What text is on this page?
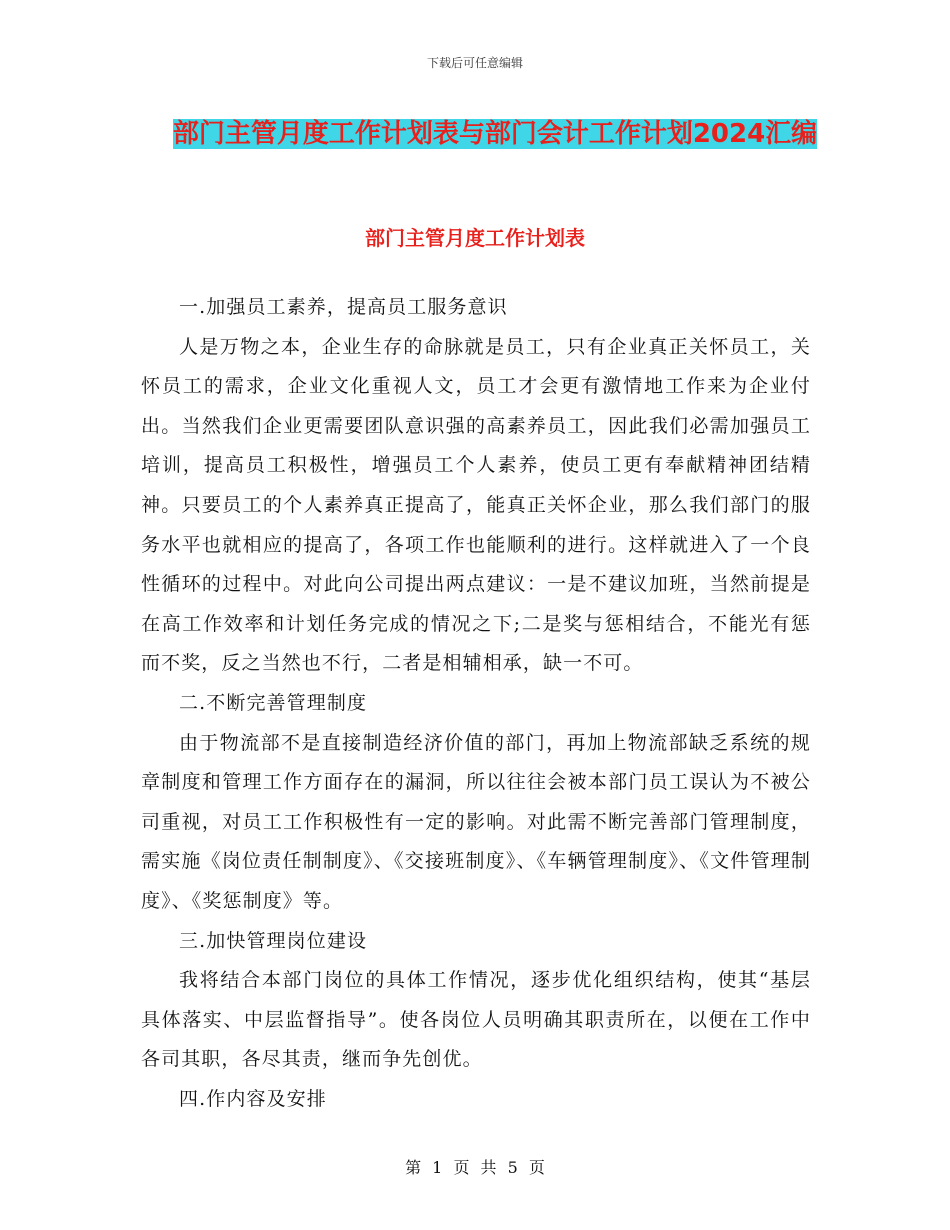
下载后可任意编辑
部门主管月度工作计划表与部门会计工作计划2024汇编
部门主管月度工作计划表

一.加强员工素养，提高员工服务意识

人是万物之本，企业生存的命脉就是员工，只有企业真正关怀员工，关怀员工的需求，企业文化重视人文，员工才会更有激情地工作来为企业付出。当然我们企业更需要团队意识强的高素养员工，因此我们必需加强员工培训，提高员工积极性，增强员工个人素养，使员工更有奉献精神团结精神。只要员工的个人素养真正提高了，能真正关怀企业，那么我们部门的服务水平也就相应的提高了，各项工作也能顺利的进行。这样就进入了一个良性循环的过程中。对此向公司提出两点建议：一是不建议加班，当然前提是在高工作效率和计划任务完成的情况之下;二是奖与惩相结合，不能光有惩而不奖，反之当然也不行，二者是相辅相承，缺一不可。

二.不断完善管理制度

由于物流部不是直接制造经济价值的部门，再加上物流部缺乏系统的规章制度和管理工作方面存在的漏洞，所以往往会被本部门员工误认为不被公司重视，对员工工作积极性有一定的影响。对此需不断完善部门管理制度，需实施《岗位责任制制度》、《交接班制度》、《车辆管理制度》、《文件管理制度》、《奖惩制度》等。

三.加快管理岗位建设

我将结合本部门岗位的具体工作情况，逐步优化组织结构，使其“基层具体落实、中层监督指导”。使各岗位人员明确其职责所在，以便在工作中各司其职，各尽其责，继而争先创优。

四.作内容及安排

第 1 页 共 5 页
